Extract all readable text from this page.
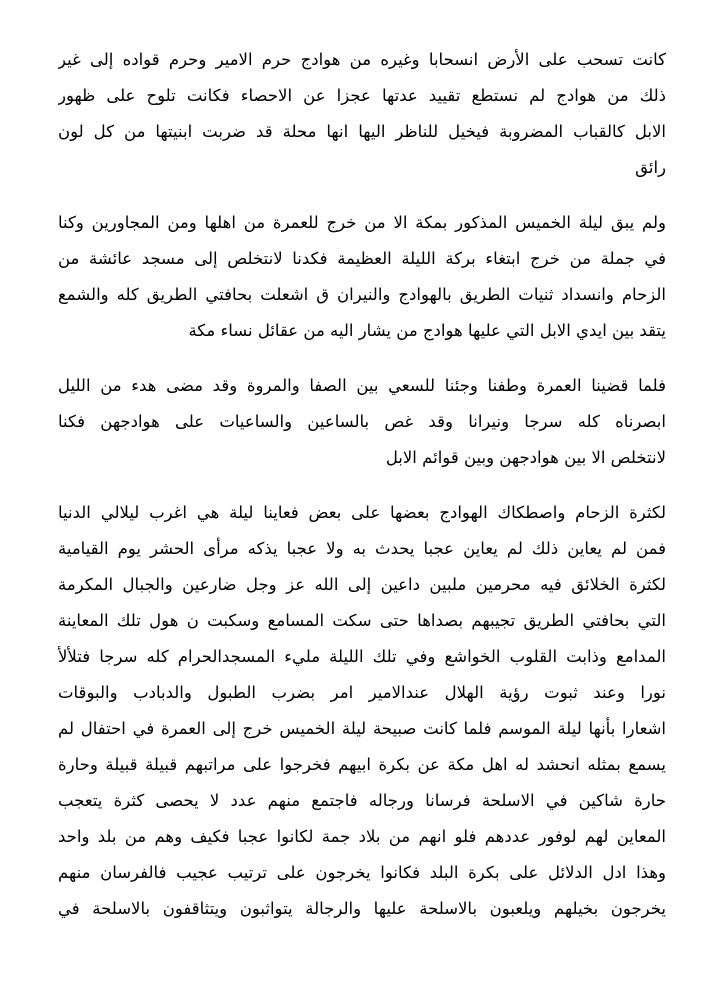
كانت تسحب على الأرض انسحابا وغيره من هوادج حرم الامير وحرم قواده إلى غير
ذلك من هوادج لم نستطع تقييد عدتها عجزا عن الاحصاء فكانت تلوح على ظهور
الابل كالقباب المضروبة فيخيل للناظر اليها انها محلة قد ضربت ابنيتها من كل لون
رائق
ولم يبق ليلة الخميس المذكور بمكة الا من خرج للعمرة من اهلها ومن المجاورين وكنا
في جملة من خرج ابتغاء بركة الليلة العظيمة فكدنا لانتخلص إلى مسجد عائشة من
الزحام وانسداد ثنيات الطريق بالهوادج والنيران ق اشعلت بحافتي الطريق كله والشمع
يتقد بين ايدي الابل التي عليها هوادج من يشار اليه من عقائل نساء مكة
فلما قضينا العمرة وطفنا وجئنا للسعي بين الصفا والمروة وقد مضى هدء من الليل
ابصرناه كله سرجا ونيرانا وقد غص بالساعين والساعيات على هوادجهن فكنا
لانتخلص الا بين هوادجهن وبين قوائم الابل
لكثرة الزحام واصطكاك الهوادج بعضها على بعض فعاينا ليلة هي اغرب ليلالي الدنيا
فمن لم يعاين ذلك لم يعاين عجبا يحدث به ولا عجبا يذكه مرأى الحشر يوم القيامية
لكثرة الخلائق فيه محرمين ملبين داعين إلى الله عز وجل ضارعين والجبال المكرمة
التي بحافتي الطريق تجيبهم بصداها حتى سكت المسامع وسكبت ن هول تلك المعاينة
المدامع وذابت القلوب الخواشع وفي تلك الليلة مليء المسجدالحرام كله سرجا فتلألأ
نورا وعند ثبوت رؤية الهلال عندالامير امر بضرب الطبول والدبادب والبوقات
اشعارا بأنها ليلة الموسم فلما كانت صبيحة ليلة الخميس خرج إلى العمرة في احتفال لم
يسمع بمثله انحشد له اهل مكة عن بكرة ابيهم فخرجوا على مراتبهم قبيلة قبيلة وحارة
حارة شاكين في الاسلحة فرسانا ورجاله فاجتمع منهم عدد لا يحصى كثرة يتعجب
المعاين لهم لوفور عددهم فلو انهم من بلاد جمة لكانوا عجبا فكيف وهم من بلد واحد
وهذا ادل الدلائل على بكرة البلد فكانوا يخرجون على ترتيب عجيب فالفرسان منهم
يخرجون بخيلهم ويلعبون بالاسلحة عليها والرجالة يتواثبون ويتثاقفون بالاسلحة في
